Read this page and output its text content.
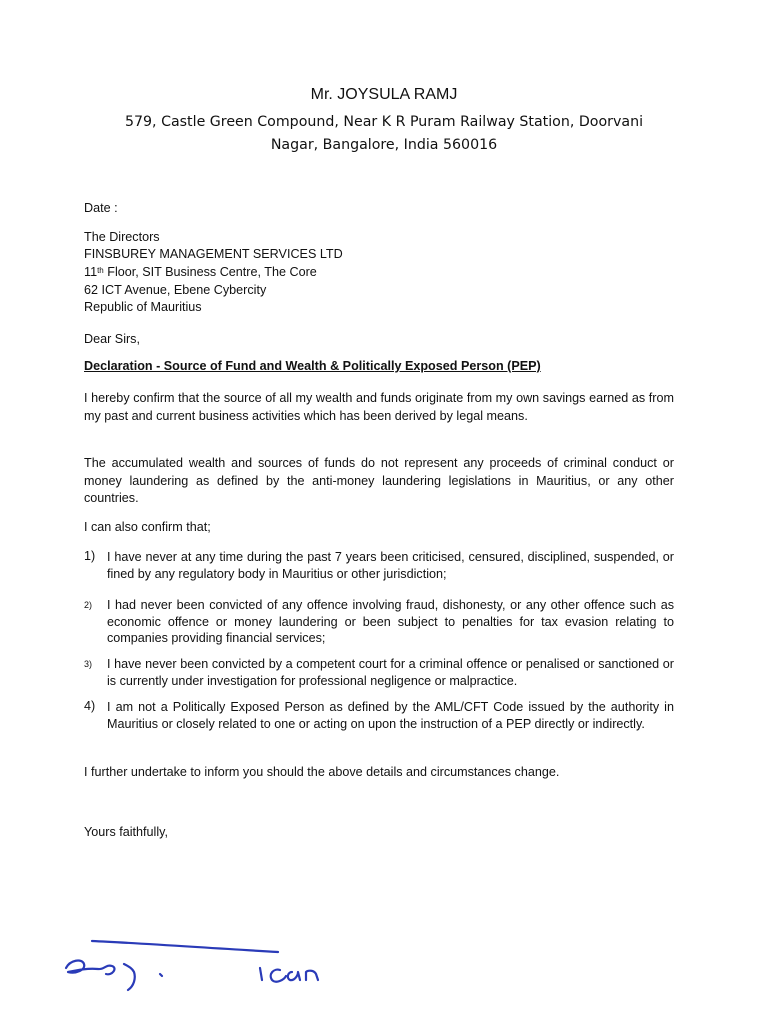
Mr. JOYSULA RAMJ
579, Castle Green Compound, Near K R Puram Railway Station, Doorvani
Nagar, Bangalore, India 560016
Date :
The Directors
FINSBUREY MANAGEMENT SERVICES LTD
11th Floor, SIT Business Centre, The Core
62 ICT Avenue, Ebene Cybercity
Republic of Mauritius
Dear Sirs,
Declaration - Source of Fund and Wealth & Politically Exposed Person (PEP)
I hereby confirm that the source of all my wealth and funds originate from my own savings earned as from my past and current business activities which has been derived by legal means.
The accumulated wealth and sources of funds do not represent any proceeds of criminal conduct or money laundering as defined by the anti-money laundering legislations in Mauritius, or any other countries.
I can also confirm that;
1) I have never at any time during the past 7 years been criticised, censured, disciplined, suspended, or fined by any regulatory body in Mauritius or other jurisdiction;
2) I had never been convicted of any offence involving fraud, dishonesty, or any other offence such as economic offence or money laundering or been subject to penalties for tax evasion relating to companies providing financial services;
3) I have never been convicted by a competent court for a criminal offence or penalised or sanctioned or is currently under investigation for professional negligence or malpractice.
4) I am not a Politically Exposed Person as defined by the AML/CFT Code issued by the authority in Mauritius or closely related to one or acting on upon the instruction of a PEP directly or indirectly.
I further undertake to inform you should the above details and circumstances change.
Yours faithfully,
